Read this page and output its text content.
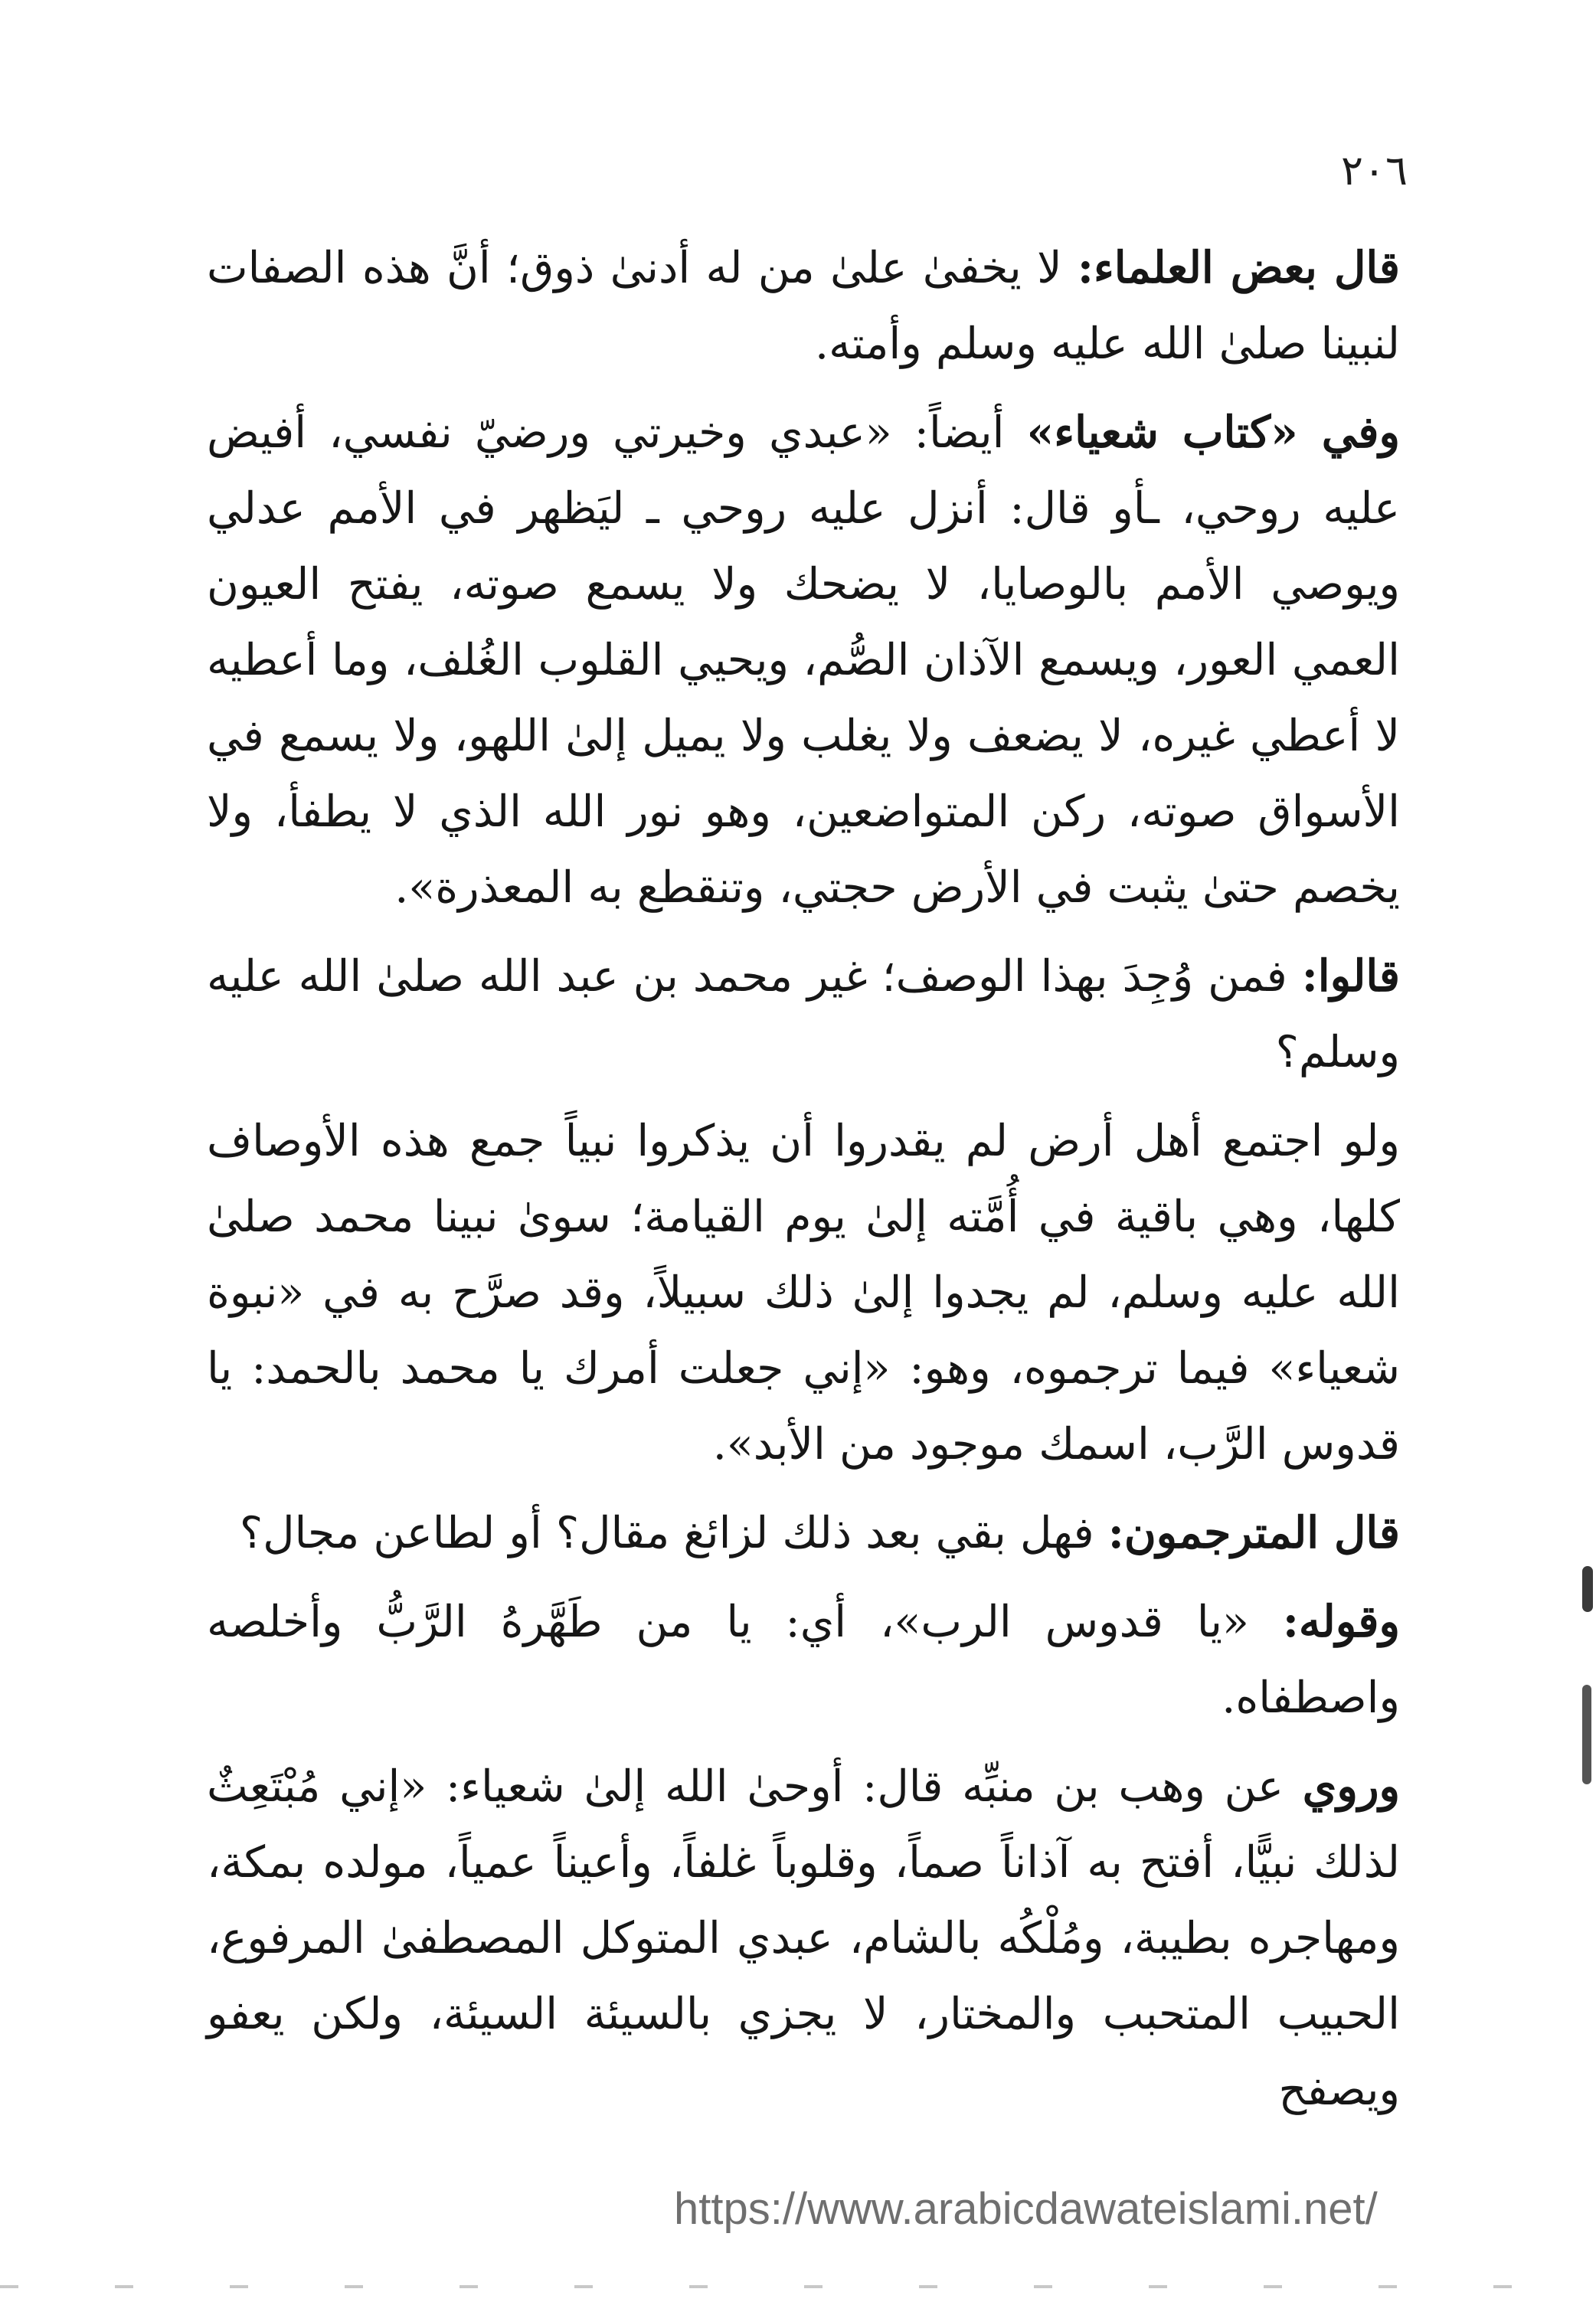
٢٠٦

قال بعض العلماء: لا يخفىٰ علىٰ من له أدنىٰ ذوق؛ أنَّ هذه الصفات لنبينا صلىٰ الله عليه وسلم وأمته.

وفي «كتاب شعياء» أيضاً: «عبدي وخيرتي ورضيّ نفسي، أفيض عليه روحي، ـأو قال: أنزل عليه روحي ـ ليَظهر في الأمم عدلي ويوصي الأمم بالوصايا، لا يضحك ولا يسمع صوته، يفتح العيون العمي العور، ويسمع الآذان الصُّم، ويحيي القلوب الغُلف، وما أعطيه لا أعطي غيره، لا يضعف ولا يغلب ولا يميل إلىٰ اللهو، ولا يسمع في الأسواق صوته، ركن المتواضعين، وهو نور الله الذي لا يطفأ، ولا يخصم حتىٰ يثبت في الأرض حجتي، وتنقطع به المعذرة».

قالوا: فمن وُجِدَ بهذا الوصف؛ غير محمد بن عبد الله صلىٰ الله عليه وسلم؟

ولو اجتمع أهل أرض لم يقدروا أن يذكروا نبياً جمع هذه الأوصاف كلها، وهي باقية في أُمَّته إلىٰ يوم القيامة؛ سوىٰ نبينا محمد صلىٰ الله عليه وسلم، لم يجدوا إلىٰ ذلك سبيلاً، وقد صرَّح به في «نبوة شعياء» فيما ترجموه، وهو: «إني جعلت أمرك يا محمد بالحمد: يا قدوس الرَّب، اسمك موجود من الأبد».

قال المترجمون: فهل بقي بعد ذلك لزائغ مقال؟ أو لطاعن مجال؟

وقوله: «يا قدوس الرب»، أي: يا من طَهَّرهُ الرَّبُّ وأخلصه واصطفاه.

وروي عن وهب بن منبِّه قال: أوحىٰ الله إلىٰ شعياء: «إني مُبْتَعِثٌ لذلك نبيًّا، أفتح به آذاناً صماً، وقلوباً غلفاً، وأعيناً عمياً، مولده بمكة، ومهاجره بطيبة، ومُلْكُه بالشام، عبدي المتوكل المصطفىٰ المرفوع، الحبيب المتحبب والمختار، لا يجزي بالسيئة السيئة، ولكن يعفو ويصفح

https://www.arabicdawateislami.net/
